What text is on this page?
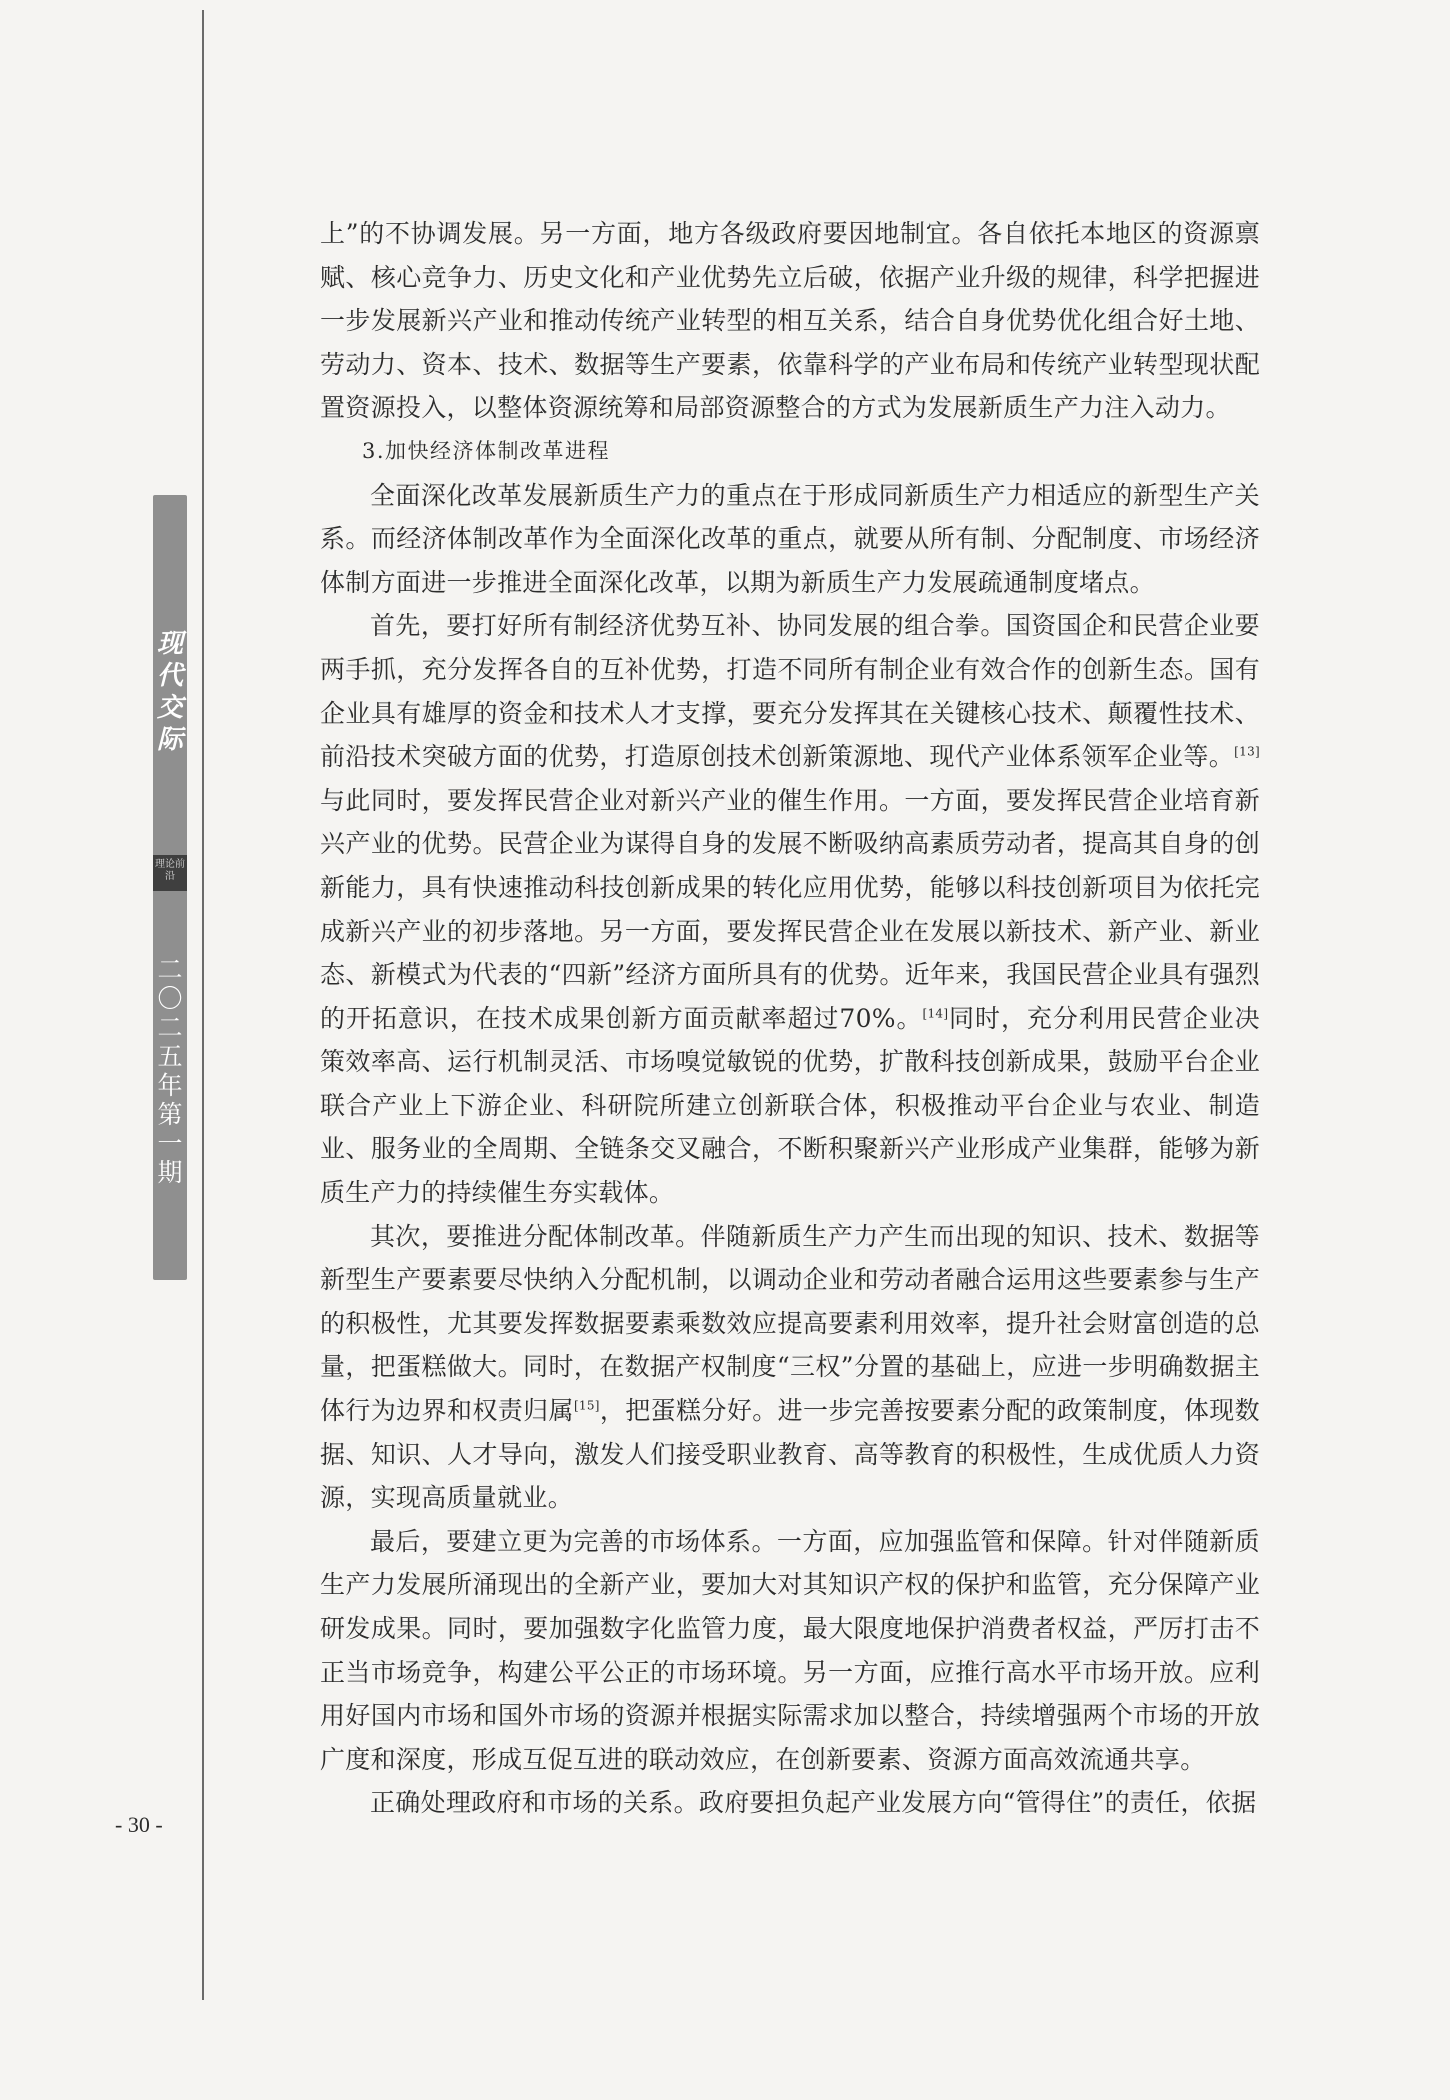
现代交际
理论前沿
二〇二五年第一期
- 30 -

上”的不协调发展。另一方面，地方各级政府要因地制宜。各自依托本地区的资源禀赋、核心竞争力、历史文化和产业优势先立后破，依据产业升级的规律，科学把握进一步发展新兴产业和推动传统产业转型的相互关系，结合自身优势优化组合好土地、劳动力、资本、技术、数据等生产要素，依靠科学的产业布局和传统产业转型现状配置资源投入，以整体资源统筹和局部资源整合的方式为发展新质生产力注入动力。

3.加快经济体制改革进程

全面深化改革发展新质生产力的重点在于形成同新质生产力相适应的新型生产关系。而经济体制改革作为全面深化改革的重点，就要从所有制、分配制度、市场经济体制方面进一步推进全面深化改革，以期为新质生产力发展疏通制度堵点。

首先，要打好所有制经济优势互补、协同发展的组合拳。国资国企和民营企业要两手抓，充分发挥各自的互补优势，打造不同所有制企业有效合作的创新生态。国有企业具有雄厚的资金和技术人才支撑，要充分发挥其在关键核心技术、颠覆性技术、前沿技术突破方面的优势，打造原创技术创新策源地、现代产业体系领军企业等。[13]与此同时，要发挥民营企业对新兴产业的催生作用。一方面，要发挥民营企业培育新兴产业的优势。民营企业为谋得自身的发展不断吸纳高素质劳动者，提高其自身的创新能力，具有快速推动科技创新成果的转化应用优势，能够以科技创新项目为依托完成新兴产业的初步落地。另一方面，要发挥民营企业在发展以新技术、新产业、新业态、新模式为代表的“四新”经济方面所具有的优势。近年来，我国民营企业具有强烈的开拓意识，在技术成果创新方面贡献率超过70%。[14]同时，充分利用民营企业决策效率高、运行机制灵活、市场嗅觉敏锐的优势，扩散科技创新成果，鼓励平台企业联合产业上下游企业、科研院所建立创新联合体，积极推动平台企业与农业、制造业、服务业的全周期、全链条交叉融合，不断积聚新兴产业形成产业集群，能够为新质生产力的持续催生夯实载体。

其次，要推进分配体制改革。伴随新质生产力产生而出现的知识、技术、数据等新型生产要素要尽快纳入分配机制，以调动企业和劳动者融合运用这些要素参与生产的积极性，尤其要发挥数据要素乘数效应提高要素利用效率，提升社会财富创造的总量，把蛋糕做大。同时，在数据产权制度“三权”分置的基础上，应进一步明确数据主体行为边界和权责归属[15]，把蛋糕分好。进一步完善按要素分配的政策制度，体现数据、知识、人才导向，激发人们接受职业教育、高等教育的积极性，生成优质人力资源，实现高质量就业。

最后，要建立更为完善的市场体系。一方面，应加强监管和保障。针对伴随新质生产力发展所涌现出的全新产业，要加大对其知识产权的保护和监管，充分保障产业研发成果。同时，要加强数字化监管力度，最大限度地保护消费者权益，严厉打击不正当市场竞争，构建公平公正的市场环境。另一方面，应推行高水平市场开放。应利用好国内市场和国外市场的资源并根据实际需求加以整合，持续增强两个市场的开放广度和深度，形成互促互进的联动效应，在创新要素、资源方面高效流通共享。

正确处理政府和市场的关系。政府要担负起产业发展方向“管得住”的责任，依据
